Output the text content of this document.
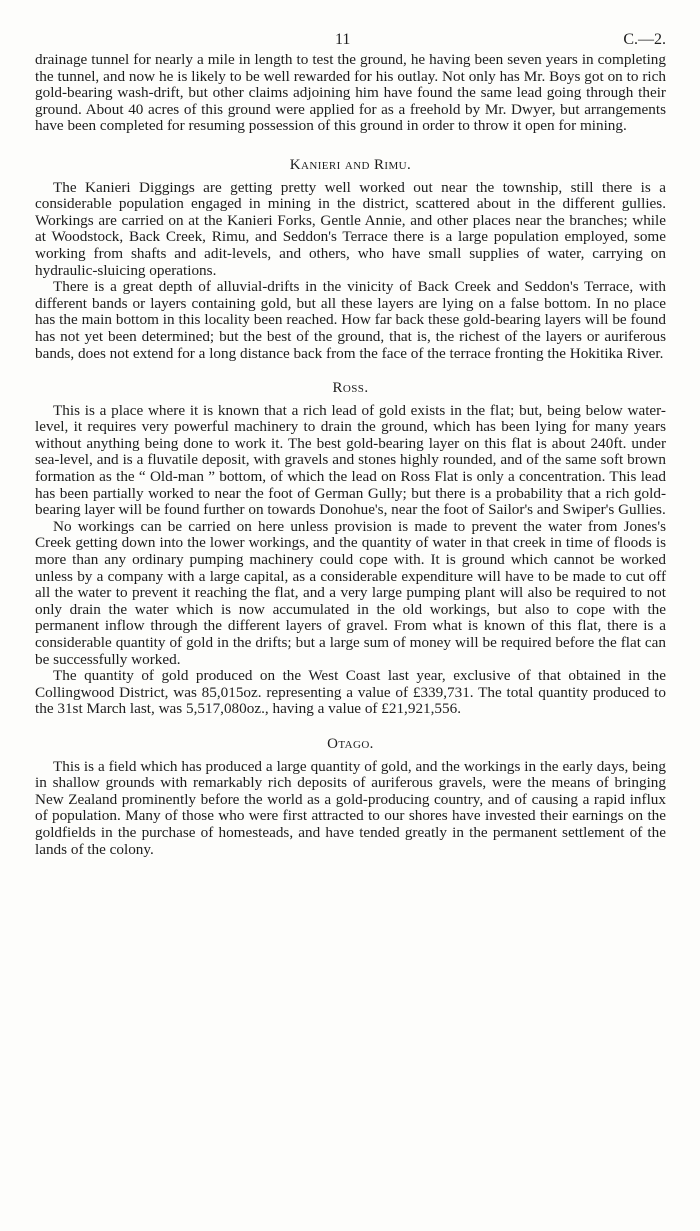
11	C.—2.

drainage tunnel for nearly a mile in length to test the ground, he having been seven years in completing the tunnel, and now he is likely to be well rewarded for his outlay. Not only has Mr. Boys got on to rich gold-bearing wash-drift, but other claims adjoining him have found the same lead going through their ground. About 40 acres of this ground were applied for as a freehold by Mr. Dwyer, but arrangements have been completed for resuming possession of this ground in order to throw it open for mining.

Kanieri and Rimu.

The Kanieri Diggings are getting pretty well worked out near the township, still there is a considerable population engaged in mining in the district, scattered about in the different gullies. Workings are carried on at the Kanieri Forks, Gentle Annie, and other places near the branches; while at Woodstock, Back Creek, Rimu, and Seddon's Terrace there is a large population employed, some working from shafts and adit-levels, and others, who have small supplies of water, carrying on hydraulic-sluicing operations.

There is a great depth of alluvial-drifts in the vinicity of Back Creek and Seddon's Terrace, with different bands or layers containing gold, but all these layers are lying on a false bottom. In no place has the main bottom in this locality been reached. How far back these gold-bearing layers will be found has not yet been determined; but the best of the ground, that is, the richest of the layers or auriferous bands, does not extend for a long distance back from the face of the terrace fronting the Hokitika River.

Ross.

This is a place where it is known that a rich lead of gold exists in the flat; but, being below water-level, it requires very powerful machinery to drain the ground, which has been lying for many years without anything being done to work it. The best gold-bearing layer on this flat is about 240ft. under sea-level, and is a fluvatile deposit, with gravels and stones highly rounded, and of the same soft brown formation as the “ Old-man ” bottom, of which the lead on Ross Flat is only a concentration. This lead has been partially worked to near the foot of German Gully; but there is a probability that a rich gold-bearing layer will be found further on towards Donohue's, near the foot of Sailor's and Swiper's Gullies.

No workings can be carried on here unless provision is made to prevent the water from Jones's Creek getting down into the lower workings, and the quantity of water in that creek in time of floods is more than any ordinary pumping machinery could cope with. It is ground which cannot be worked unless by a company with a large capital, as a considerable expenditure will have to be made to cut off all the water to prevent it reaching the flat, and a very large pumping plant will also be required to not only drain the water which is now accumulated in the old workings, but also to cope with the permanent inflow through the different layers of gravel. From what is known of this flat, there is a considerable quantity of gold in the drifts; but a large sum of money will be required before the flat can be successfully worked.

The quantity of gold produced on the West Coast last year, exclusive of that obtained in the Collingwood District, was 85,015oz. representing a value of £339,731. The total quantity produced to the 31st March last, was 5,517,080oz., having a value of £21,921,556.

Otago.

This is a field which has produced a large quantity of gold, and the workings in the early days, being in shallow grounds with remarkably rich deposits of auriferous gravels, were the means of bringing New Zealand prominently before the world as a gold-producing country, and of causing a rapid influx of population. Many of those who were first attracted to our shores have invested their earnings on the goldfields in the purchase of homesteads, and have tended greatly in the permanent settlement of the lands of the colony.
